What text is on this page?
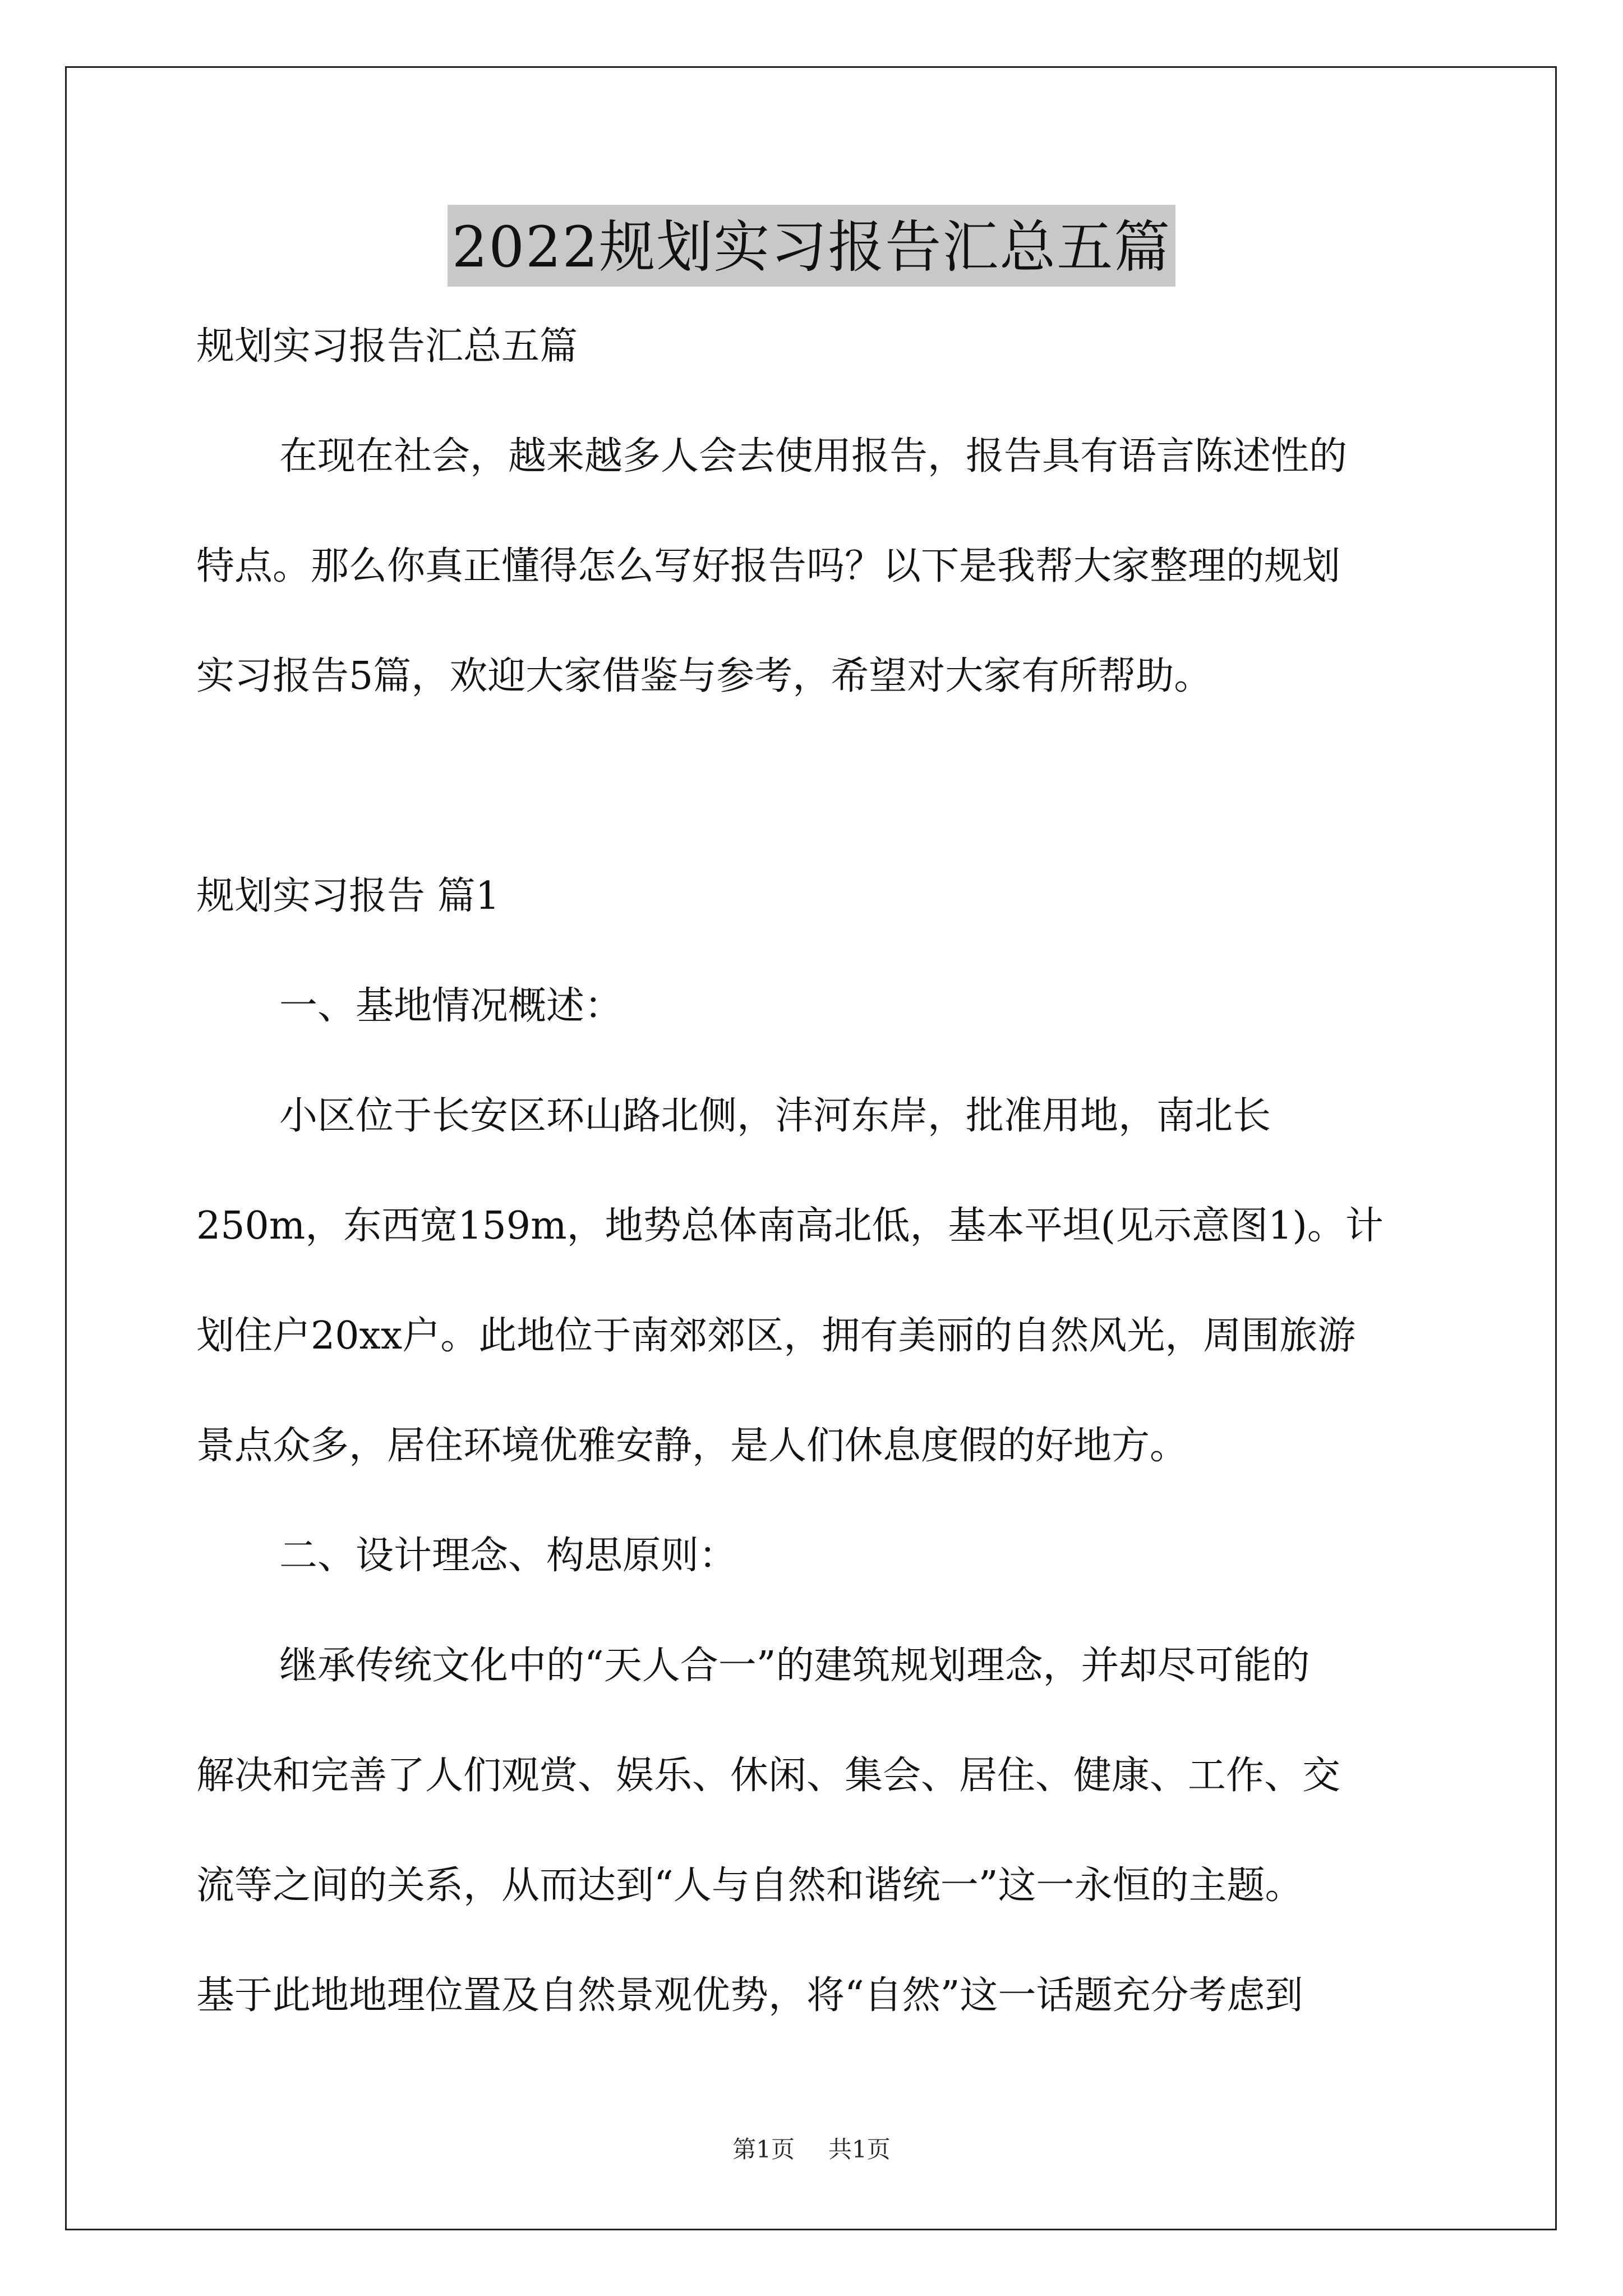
2022规划实习报告汇总五篇
规划实习报告汇总五篇
在现在社会，越来越多人会去使用报告，报告具有语言陈述性的
特点。那么你真正懂得怎么写好报告吗？以下是我帮大家整理的规划
实习报告5篇，欢迎大家借鉴与参考，希望对大家有所帮助。
规划实习报告 篇1
一、基地情况概述：
小区位于长安区环山路北侧，沣河东岸，批准用地，南北长
250m，东西宽159m，地势总体南高北低，基本平坦(见示意图1)。计
划住户20xx户。此地位于南郊郊区，拥有美丽的自然风光，周围旅游
景点众多，居住环境优雅安静，是人们休息度假的好地方。
二、设计理念、构思原则：
继承传统文化中的“天人合一”的建筑规划理念，并却尽可能的
解决和完善了人们观赏、娱乐、休闲、集会、居住、健康、工作、交
流等之间的关系，从而达到“人与自然和谐统一”这一永恒的主题。
基于此地地理位置及自然景观优势，将“自然”这一话题充分考虑到
第1页 共1页
